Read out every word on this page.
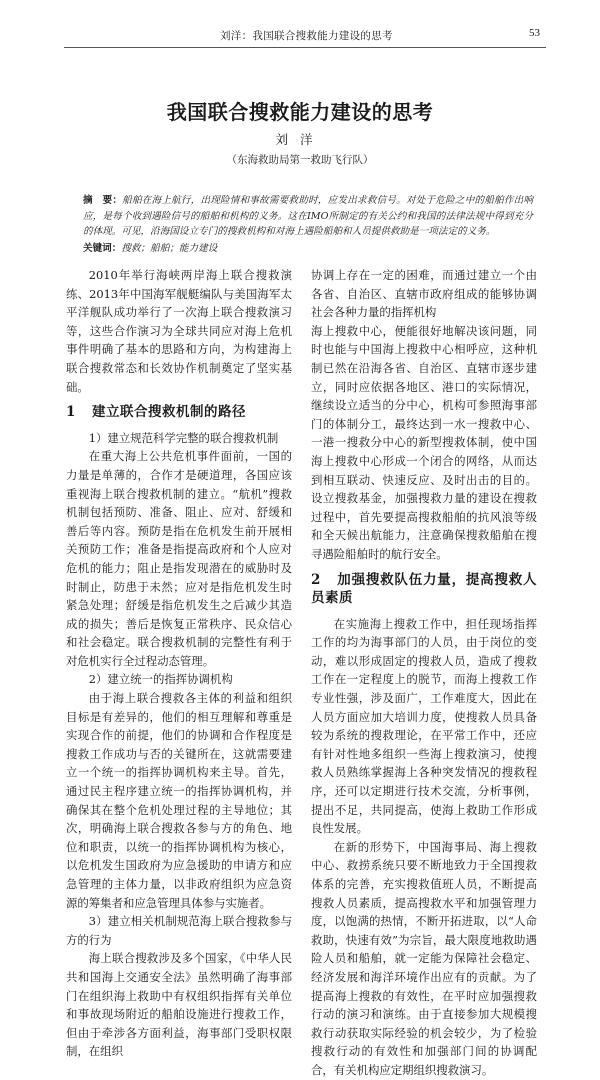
刘洋：我国联合搜救能力建设的思考	53
我国联合搜救能力建设的思考
刘洋
（东海救助局第一救助飞行队）
摘　要：船舶在海上航行，出现险情和事故需要救助时，应发出求救信号。对处于危险之中的船舶作出响应，是每个收到遇险信号的船舶和机构的义务。这在IMO所制定的有关公约和我国的法律法规中得到充分的体现。可见，沿海国设立专门的搜救机构和对海上遇险船舶和人员提供救助是一项法定的义务。
关键词：搜救；船舶；能力建设

2010年举行海峡两岸海上联合搜救演练、2013年中国海军舰艇编队与美国海军太平洋舰队成功举行了一次海上联合搜救演习等，这些合作演习为全球共同应对海上危机事件明确了基本的思路和方向，为构建海上联合搜救常态和长效协作机制奠定了坚实基础。

1 建立联合搜救机制的路径
1）建立规范科学完整的联合搜救机制

在重大海上公共危机事件面前，一国的力量是单薄的，合作才是硬道理，各国应该重视海上联合搜救机制的建立。“航机”搜救机制包括预防、准备、阻止、应对、舒缓和善后等内容。预防是指在危机发生前开展相关预防工作；准备是指提高政府和个人应对危机的能力；阻止是指发现潜在的威胁时及时制止，防患于未然；应对是指危机发生时紧急处理；舒缓是指危机发生之后减少其造成的损失；善后是恢复正常秩序、民众信心和社会稳定。联合搜救机制的完整性有利于对危机实行全过程动态管理。

2）建立统一的指挥协调机构

由于海上联合搜救各主体的利益和组织目标是有差异的，他们的相互理解和尊重是实现合作的前提，他们的协调和合作程度是搜救工作成功与否的关键所在，这就需要建立一个统一的指挥协调机构来主导。首先，通过民主程序建立统一的指挥协调机构，并确保其在整个危机处理过程的主导地位；其次，明确海上联合搜救各参与方的角色、地位和职责，以统一的指挥协调机构为核心，以危机发生国政府为应急援助的申请方和应急管理的主体力量，以非政府组织为应急资源的筹集者和应急管理具体参与实施者。

3）建立相关机制规范海上联合搜救参与方的行为

海上联合搜救涉及多个国家，《中华人民共和国海上交通安全法》虽然明确了海事部门在组织海上救助中有权组织指挥有关单位和事故现场附近的船舶设施进行搜救工作，但由于牵涉各方面利益，海事部门受职权限制，在组织

协调上存在一定的困难，而通过建立一个由各省、自治区、直辖市政府组成的能够协调社会各种力量的指挥机构

海上搜救中心，便能很好地解决该问题，同时也能与中国海上搜救中心相呼应，这种机制已然在沿海各省、自治区、直辖市逐步建立，同时应依据各地区、港口的实际情况，继续设立适当的分中心，机构可参照海事部门的体制分工，最终达到一水一搜救中心、一港一搜救分中心的新型搜救体制，使中国海上搜救中心形成一个闭合的网络，从而达到相互联动、快速反应、及时出击的目的。设立搜救基金，加强搜救力量的建设在搜救过程中，首先要提高搜救船舶的抗风浪等级和全天候出航能力，注意确保搜救船舶在搜寻遇险船舶时的航行安全。

2 加强搜救队伍力量，提高搜救人员素质

在实施海上搜救工作中，担任现场指挥工作的均为海事部门的人员，由于岗位的变动，难以形成固定的搜救人员，造成了搜救工作在一定程度上的脱节，而海上搜救工作专业性强，涉及面广，工作难度大，因此在人员方面应加大培训力度，使搜救人员具备较为系统的搜救理论，在平常工作中，还应有针对性地多组织一些海上搜救演习，使搜救人员熟练掌握海上各种突发情况的搜救程序，还可以定期进行技术交流，分析事例，提出不足，共同提高，使海上救助工作形成良性发展。

在新的形势下，中国海事局、海上搜救中心、救捞系统只要不断地致力于全国搜救体系的完善，充实搜救值班人员，不断提高搜救人员素质，提高搜救水平和加强管理力度，以饱满的热情，不断开拓进取，以“人命救助，快速有效”为宗旨，最大限度地救助遇险人员和船舶，就一定能为保障社会稳定、经济发展和海洋环境作出应有的贡献。为了提高海上搜救的有效性，在平时应加强搜救行动的演习和演练。由于直接参加大规模搜救行动获取实际经验的机会较少，为了检验搜救行动的有效性和加强部门间的协调配合，有关机构应定期组织搜救演习。
